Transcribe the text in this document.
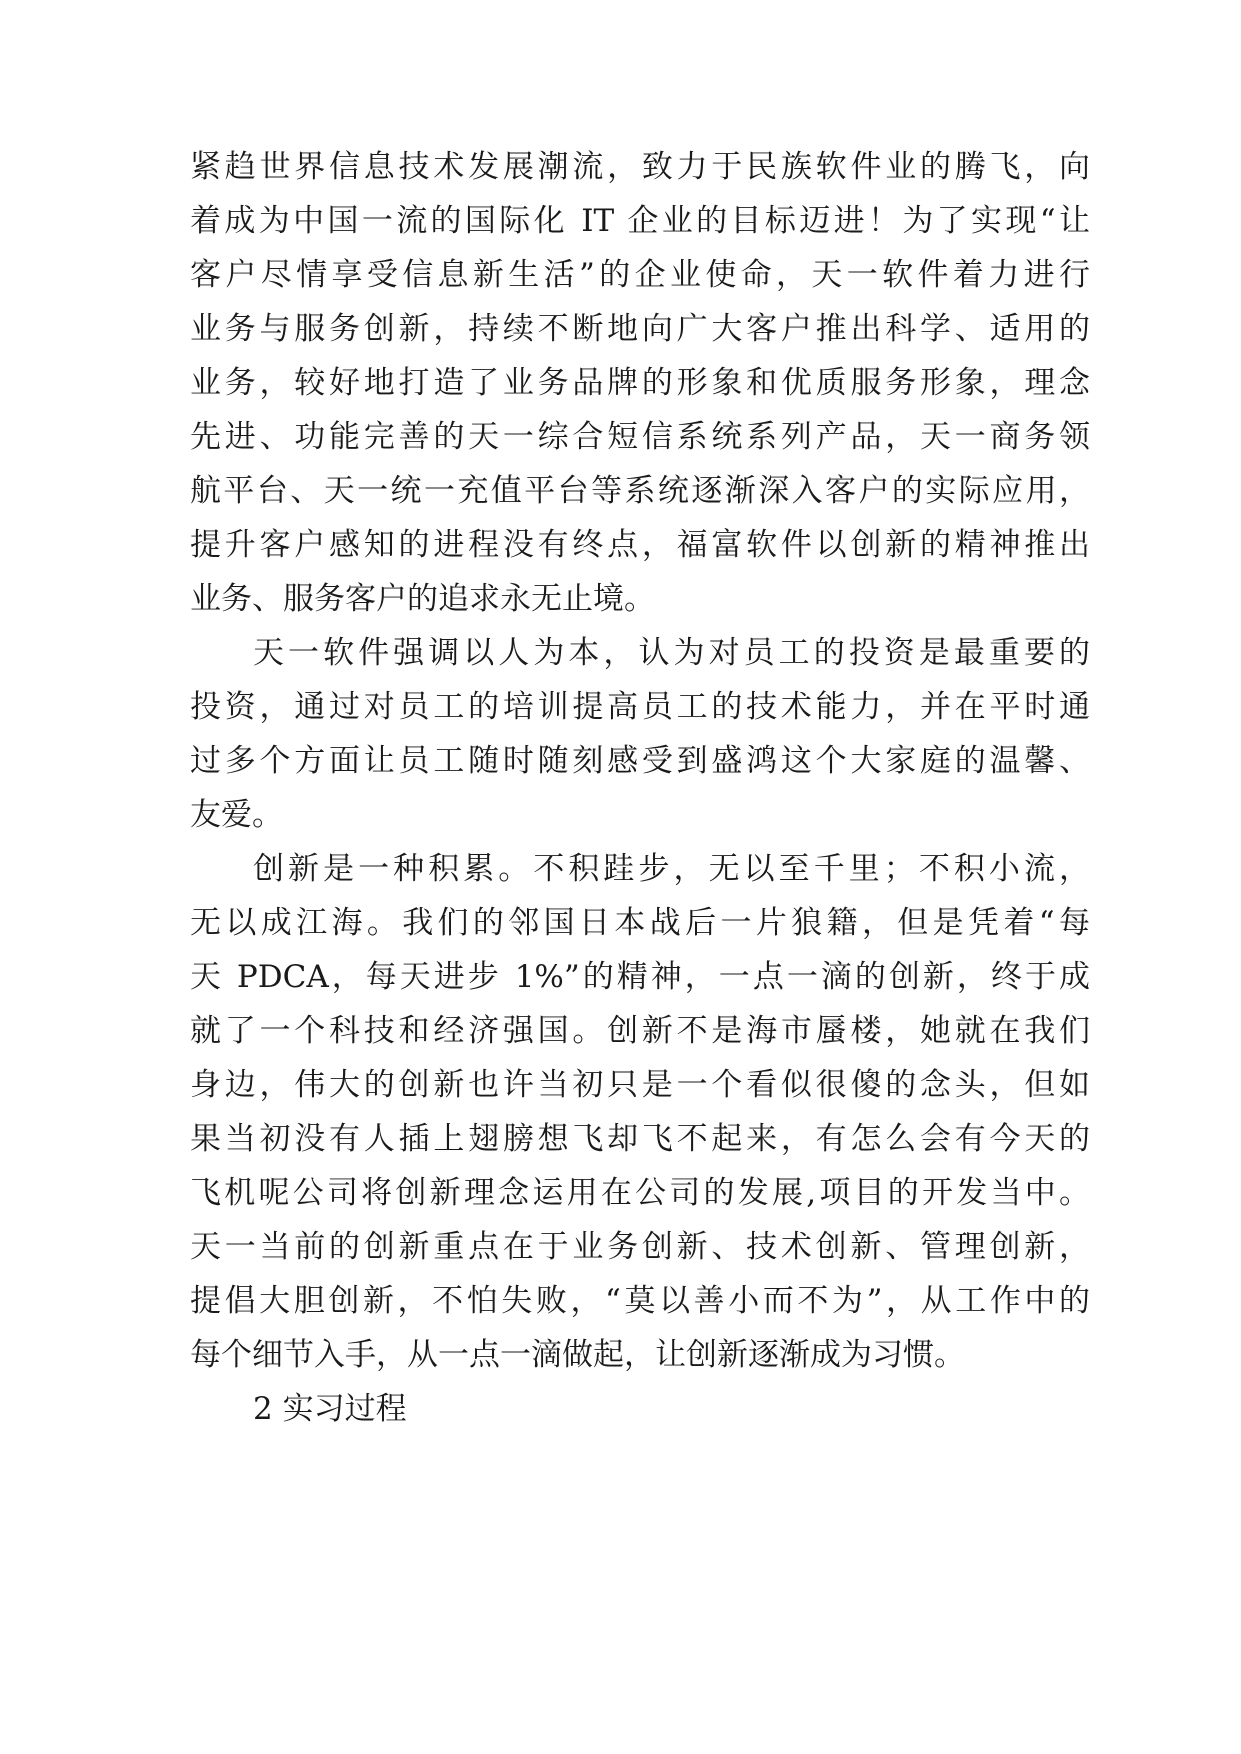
紧趋世界信息技术发展潮流，致力于民族软件业的腾飞，向
着成为中国一流的国际化 IT 企业的目标迈进！为了实现“让
客户尽情享受信息新生活”的企业使命，天一软件着力进行
业务与服务创新，持续不断地向广大客户推出科学、适用的
业务，较好地打造了业务品牌的形象和优质服务形象，理念
先进、功能完善的天一综合短信系统系列产品，天一商务领
航平台、天一统一充值平台等系统逐渐深入客户的实际应用，
提升客户感知的进程没有终点，福富软件以创新的精神推出
业务、服务客户的追求永无止境。
天一软件强调以人为本，认为对员工的投资是最重要的
投资，通过对员工的培训提高员工的技术能力，并在平时通
过多个方面让员工随时随刻感受到盛鸿这个大家庭的温馨、
友爱。
创新是一种积累。不积跬步，无以至千里；不积小流，
无以成江海。我们的邻国日本战后一片狼籍，但是凭着“每
天 PDCA，每天进步 1%”的精神，一点一滴的创新，终于成
就了一个科技和经济强国。创新不是海市蜃楼，她就在我们
身边，伟大的创新也许当初只是一个看似很傻的念头，但如
果当初没有人插上翅膀想飞却飞不起来，有怎么会有今天的
飞机呢公司将创新理念运用在公司的发展,项目的开发当中。
天一当前的创新重点在于业务创新、技术创新、管理创新，
提倡大胆创新，不怕失败，“莫以善小而不为”，从工作中的
每个细节入手，从一点一滴做起，让创新逐渐成为习惯。
2 实习过程
